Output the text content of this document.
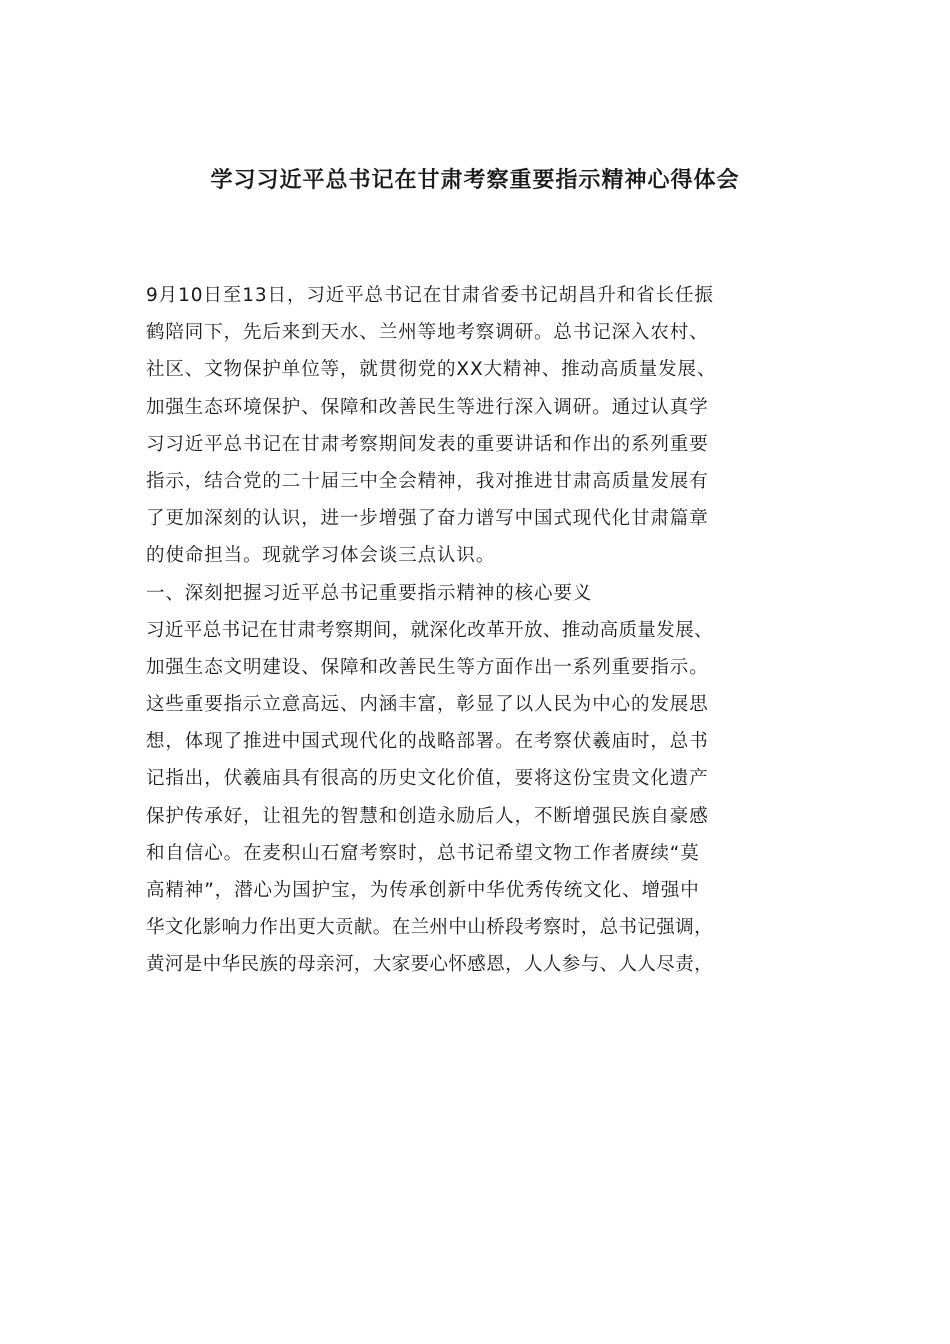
学习习近平总书记在甘肃考察重要指示精神心得体会
9月10日至13日，习近平总书记在甘肃省委书记胡昌升和省长任振
鹤陪同下，先后来到天水、兰州等地考察调研。总书记深入农村、
社区、文物保护单位等，就贯彻党的XX大精神、推动高质量发展、
加强生态环境保护、保障和改善民生等进行深入调研。通过认真学
习习近平总书记在甘肃考察期间发表的重要讲话和作出的系列重要
指示，结合党的二十届三中全会精神，我对推进甘肃高质量发展有
了更加深刻的认识，进一步增强了奋力谱写中国式现代化甘肃篇章
的使命担当。现就学习体会谈三点认识。
一、深刻把握习近平总书记重要指示精神的核心要义
习近平总书记在甘肃考察期间，就深化改革开放、推动高质量发展、
加强生态文明建设、保障和改善民生等方面作出一系列重要指示。
这些重要指示立意高远、内涵丰富，彰显了以人民为中心的发展思
想，体现了推进中国式现代化的战略部署。在考察伏羲庙时，总书
记指出，伏羲庙具有很高的历史文化价值，要将这份宝贵文化遗产
保护传承好，让祖先的智慧和创造永励后人，不断增强民族自豪感
和自信心。在麦积山石窟考察时，总书记希望文物工作者赓续“莫
高精神”，潜心为国护宝，为传承创新中华优秀传统文化、增强中
华文化影响力作出更大贡献。在兰州中山桥段考察时，总书记强调，
黄河是中华民族的母亲河，大家要心怀感恩，人人参与、人人尽责，
